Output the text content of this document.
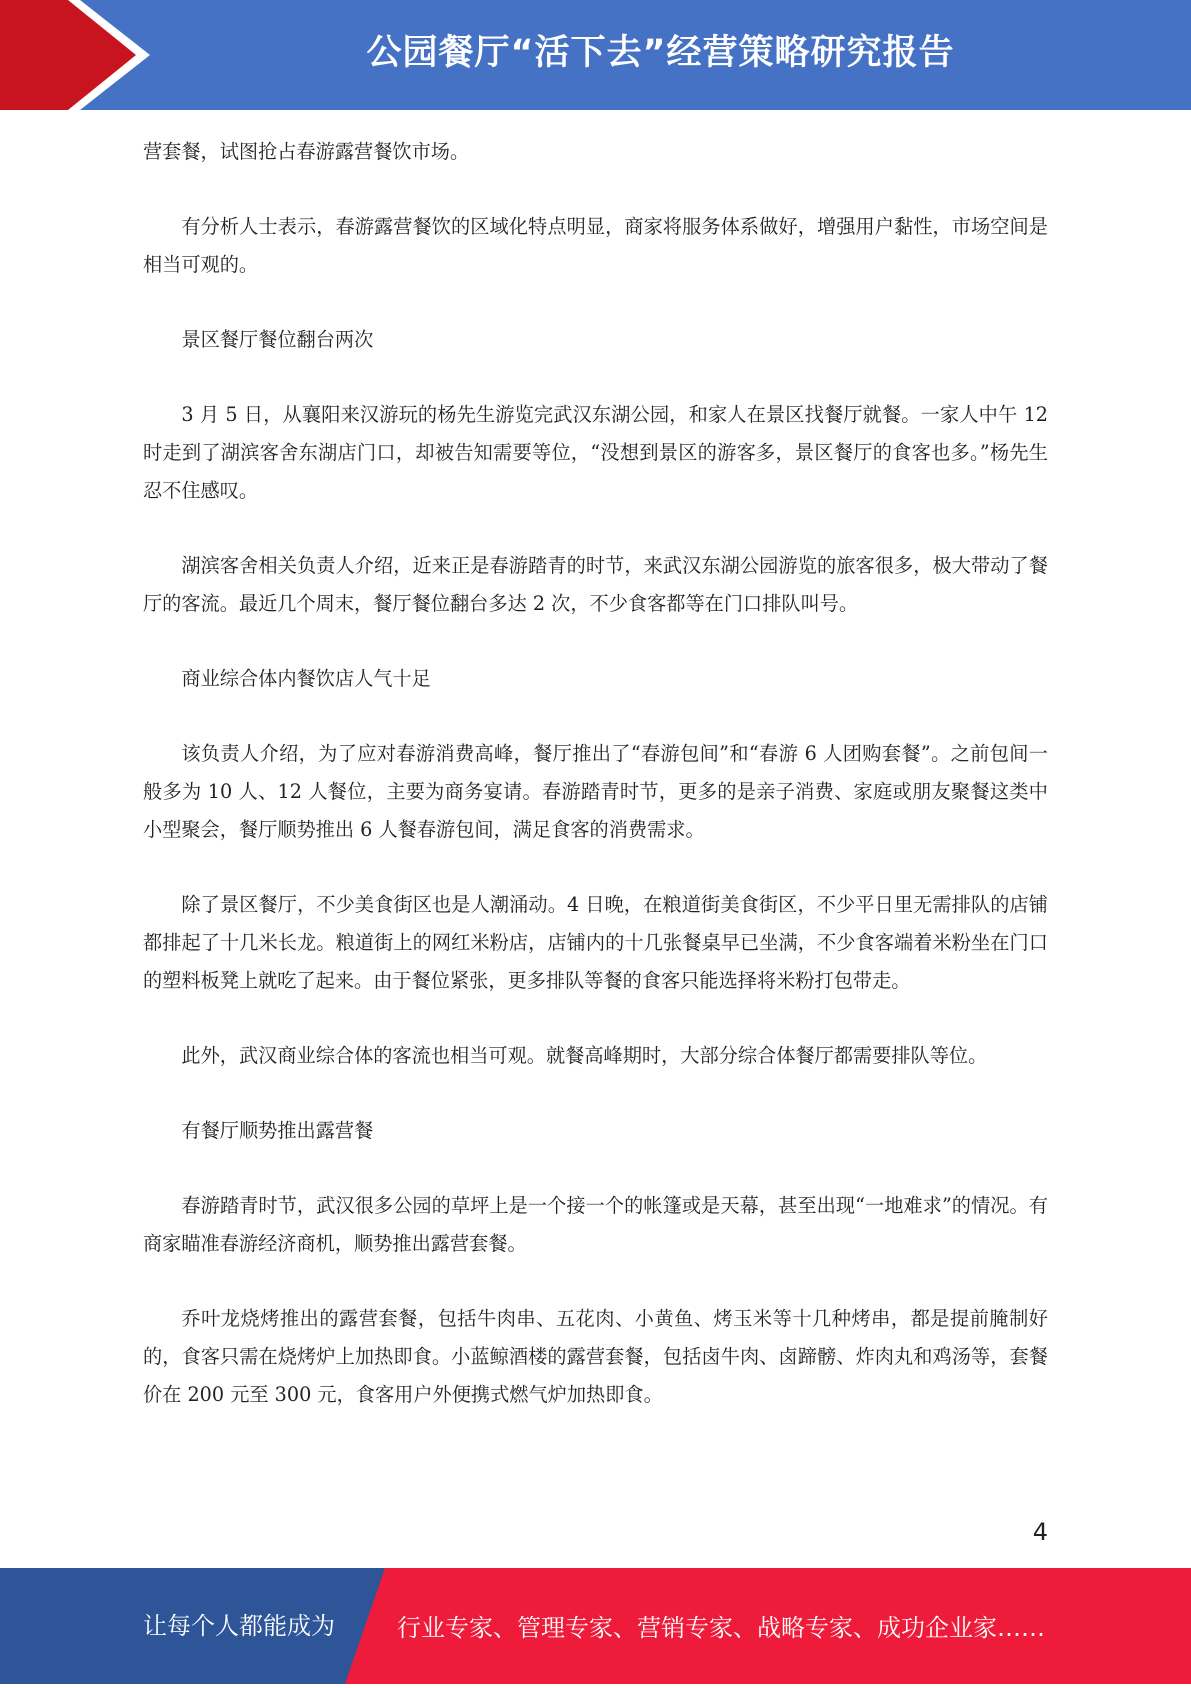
公园餐厅“活下去”经营策略研究报告

营套餐，试图抢占春游露营餐饮市场。

有分析人士表示，春游露营餐饮的区域化特点明显，商家将服务体系做好，增强用户黏性，市场空间是相当可观的。

景区餐厅餐位翻台两次

3 月 5 日，从襄阳来汉游玩的杨先生游览完武汉东湖公园，和家人在景区找餐厅就餐。一家人中午 12 时走到了湖滨客舍东湖店门口，却被告知需要等位，“没想到景区的游客多，景区餐厅的食客也多。”杨先生忍不住感叹。

湖滨客舍相关负责人介绍，近来正是春游踏青的时节，来武汉东湖公园游览的旅客很多，极大带动了餐厅的客流。最近几个周末，餐厅餐位翻台多达 2 次，不少食客都等在门口排队叫号。

商业综合体内餐饮店人气十足

该负责人介绍，为了应对春游消费高峰，餐厅推出了“春游包间”和“春游 6 人团购套餐”。之前包间一般多为 10 人、12 人餐位，主要为商务宴请。春游踏青时节，更多的是亲子消费、家庭或朋友聚餐这类中小型聚会，餐厅顺势推出 6 人餐春游包间，满足食客的消费需求。

除了景区餐厅，不少美食街区也是人潮涌动。4 日晚，在粮道街美食街区，不少平日里无需排队的店铺都排起了十几米长龙。粮道街上的网红米粉店，店铺内的十几张餐桌早已坐满，不少食客端着米粉坐在门口的塑料板凳上就吃了起来。由于餐位紧张，更多排队等餐的食客只能选择将米粉打包带走。

此外，武汉商业综合体的客流也相当可观。就餐高峰期时，大部分综合体餐厅都需要排队等位。

有餐厅顺势推出露营餐

春游踏青时节，武汉很多公园的草坪上是一个接一个的帐篷或是天幕，甚至出现“一地难求”的情况。有商家瞄准春游经济商机，顺势推出露营套餐。

乔叶龙烧烤推出的露营套餐，包括牛肉串、五花肉、小黄鱼、烤玉米等十几种烤串，都是提前腌制好的，食客只需在烧烤炉上加热即食。小蓝鲸酒楼的露营套餐，包括卤牛肉、卤蹄髈、炸肉丸和鸡汤等，套餐价在 200 元至 300 元，食客用户外便携式燃气炉加热即食。

4
让每个人都能成为	行业专家、管理专家、营销专家、战略专家、成功企业家……
